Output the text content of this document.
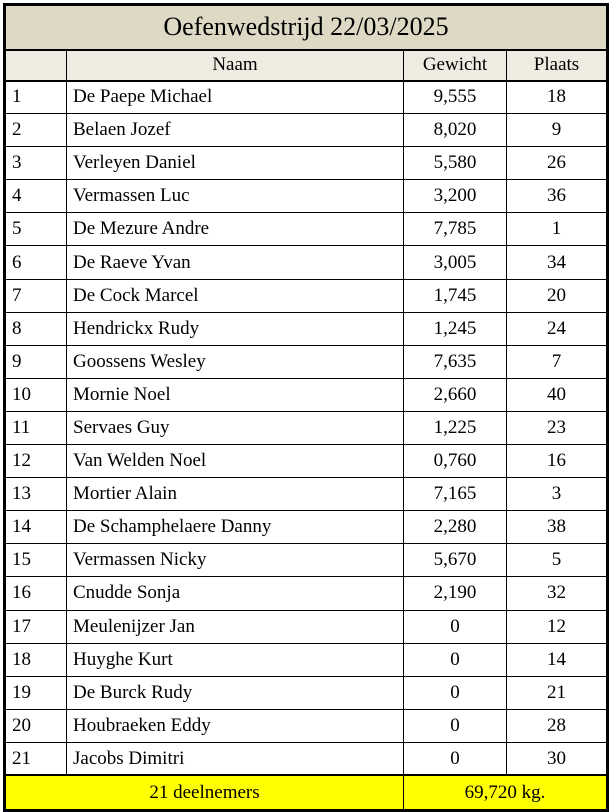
Oefenwedstrijd 22/03/2025			
	Naam	Gewicht	Plaats
1	De Paepe Michael	9,555	18
2	Belaen Jozef	8,020	9
3	Verleyen Daniel	5,580	26
4	Vermassen Luc	3,200	36
5	De Mezure Andre	7,785	1
6	De Raeve Yvan	3,005	34
7	De Cock Marcel	1,745	20
8	Hendrickx Rudy	1,245	24
9	Goossens Wesley	7,635	7
10	Mornie Noel	2,660	40
11	Servaes Guy	1,225	23
12	Van Welden Noel	0,760	16
13	Mortier Alain	7,165	3
14	De Schamphelaere Danny	2,280	38
15	Vermassen Nicky	5,670	5
16	Cnudde Sonja	2,190	32
17	Meulenijzer Jan	0	12
18	Huyghe Kurt	0	14
19	De Burck Rudy	0	21
20	Houbraeken Eddy	0	28
21	Jacobs Dimitri	0	30
21 deelnemers		69,720 kg.	
